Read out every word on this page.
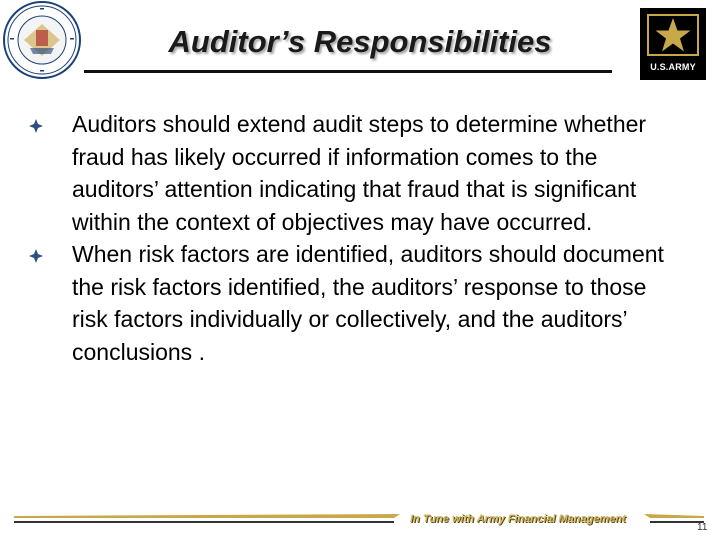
Auditor’s Responsibilities
U.S.ARMY
Auditors should extend audit steps to determine whether fraud has likely occurred if information comes to the auditors’ attention indicating that fraud that is significant within the context of objectives may have occurred.
When risk factors are identified, auditors should document the risk factors identified, the auditors’ response to those risk factors individually or collectively, and the auditors’ conclusions .
In Tune with Army Financial Management
11
